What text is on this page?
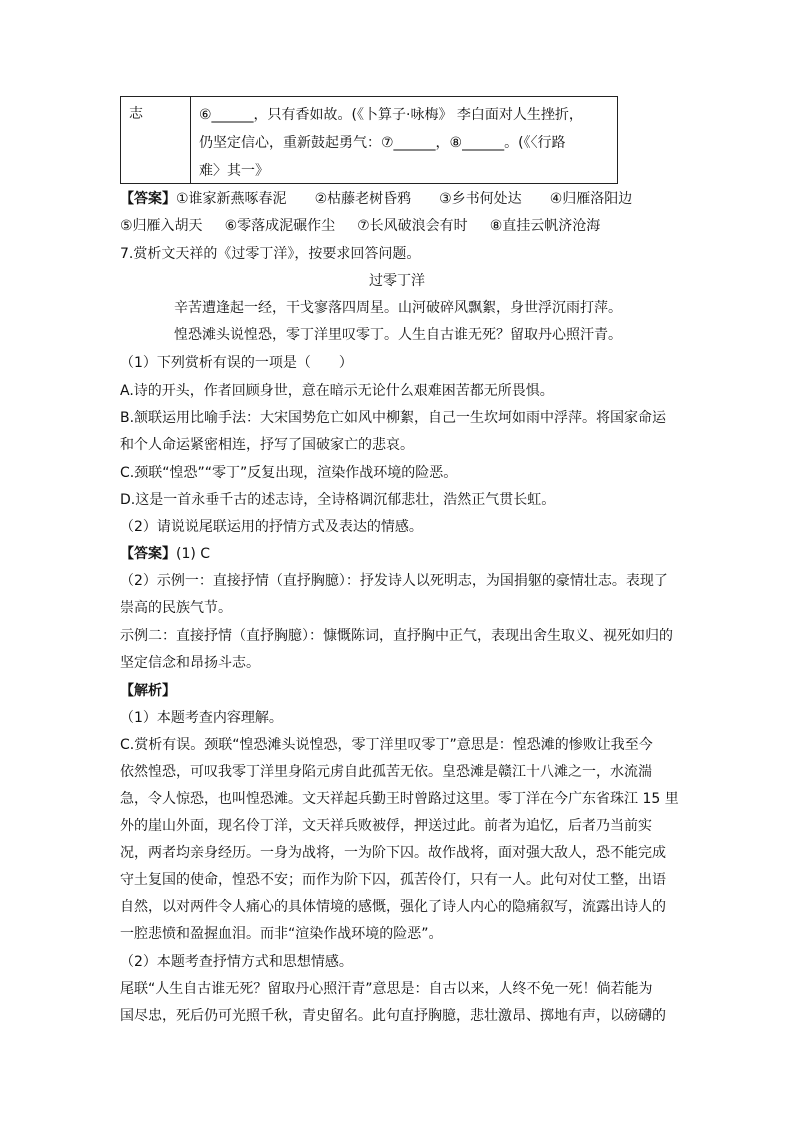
志	⑥______，只有香如故。(《卜算子·咏梅》 李白面对人生挫折，
仍坚定信心，重新鼓起勇气：⑦______，⑧______。(《〈行路
难〉其一》
【答案】①谁家新燕啄春泥 ②枯藤老树昏鸦 ③乡书何处达 ④归雁洛阳边
⑤归雁入胡天 ⑥零落成泥碾作尘 ⑦长风破浪会有时 ⑧直挂云帆济沧海
7.赏析文天祥的《过零丁洋》，按要求回答问题。
过零丁洋
辛苦遭逢起一经，干戈寥落四周星。山河破碎风飘絮，身世浮沉雨打萍。
惶恐滩头说惶恐，零丁洋里叹零丁。人生自古谁无死？留取丹心照汗青。
（1）下列赏析有误的一项是（　　）
A.诗的开头，作者回顾身世，意在暗示无论什么艰难困苦都无所畏惧。
B.颔联运用比喻手法：大宋国势危亡如风中柳絮，自己一生坎坷如雨中浮萍。将国家命运
和个人命运紧密相连，抒写了国破家亡的悲哀。
C.颈联“惶恐”“零丁”反复出现，渲染作战环境的险恶。
D.这是一首永垂千古的述志诗，全诗格调沉郁悲壮，浩然正气贯长虹。
（2）请说说尾联运用的抒情方式及表达的情感。
【答案】(1) C
（2）示例一：直接抒情（直抒胸臆）：抒发诗人以死明志，为国捐躯的豪情壮志。表现了
崇高的民族气节。
示例二：直接抒情（直抒胸臆）：慷慨陈词，直抒胸中正气，表现出舍生取义、视死如归的
坚定信念和昂扬斗志。
【解析】
（1）本题考查内容理解。
C.赏析有误。颈联“惶恐滩头说惶恐，零丁洋里叹零丁”意思是：惶恐滩的惨败让我至今
依然惶恐，可叹我零丁洋里身陷元虏自此孤苦无依。皇恐滩是赣江十八滩之一，水流湍
急，令人惊恐，也叫惶恐滩。文天祥起兵勤王时曾路过这里。零丁洋在今广东省珠江 15 里
外的崖山外面，现名伶丁洋，文天祥兵败被俘，押送过此。前者为追忆，后者乃当前实
况，两者均亲身经历。一身为战将，一为阶下囚。故作战将，面对强大敌人，恐不能完成
守土复国的使命，惶恐不安；而作为阶下囚，孤苦伶仃，只有一人。此句对仗工整，出语
自然，以对两件令人痛心的具体情境的感慨，强化了诗人内心的隐痛叙写，流露出诗人的
一腔悲愤和盈握血泪。而非“渲染作战环境的险恶”。
（2）本题考查抒情方式和思想情感。
尾联“人生自古谁无死？留取丹心照汗青”意思是：自古以来，人终不免一死！倘若能为
国尽忠，死后仍可光照千秋，青史留名。此句直抒胸臆，悲壮激昂、掷地有声，以磅礴的
